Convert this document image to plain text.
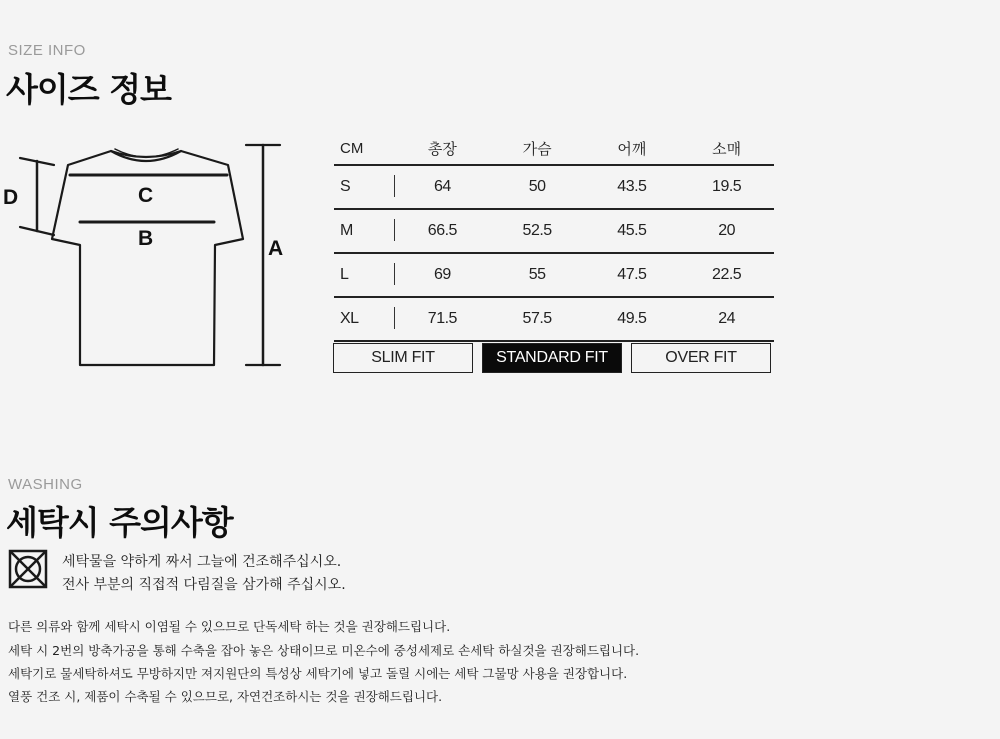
SIZE INFO
사이즈 정보
A
B
C
D
CM	총장	가슴	어깨	소매
S	64	50	43.5	19.5
M	66.5	52.5	45.5	20
L	69	55	47.5	22.5
XL	71.5	57.5	49.5	24
SLIM FIT	STANDARD FIT	OVER FIT
WASHING
세탁시 주의사항
세탁물을 약하게 짜서 그늘에 건조해주십시오.
전사 부분의 직접적 다림질을 삼가해 주십시오.
다른 의류와 함께 세탁시 이염될 수 있으므로 단독세탁 하는 것을 권장해드립니다.
세탁 시 2번의 방축가공을 통해 수축을 잡아 놓은 상태이므로 미온수에 중성세제로 손세탁 하실것을 권장해드립니다.
세탁기로 물세탁하셔도 무방하지만 져지원단의 특성상 세탁기에 넣고 돌릴 시에는 세탁 그물망 사용을 권장합니다.
열풍 건조 시, 제품이 수축될 수 있으므로, 자연건조하시는 것을 권장해드립니다.
